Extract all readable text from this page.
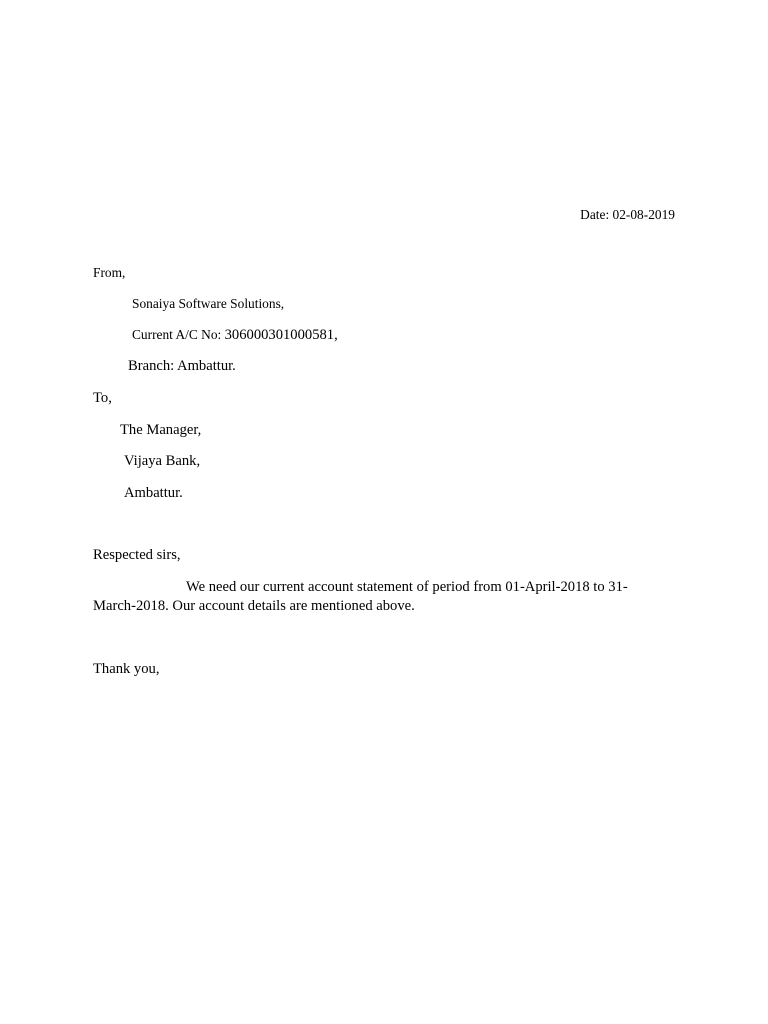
Date: 02-08-2019
From,
Sonaiya Software Solutions,
Current A/C No: 306000301000581,
Branch: Ambattur.
To,
The Manager,
Vijaya Bank,
Ambattur.
Respected sirs,
We need our current account statement of period from 01-April-2018 to 31-
March-2018. Our account details are mentioned above.
Thank you,
